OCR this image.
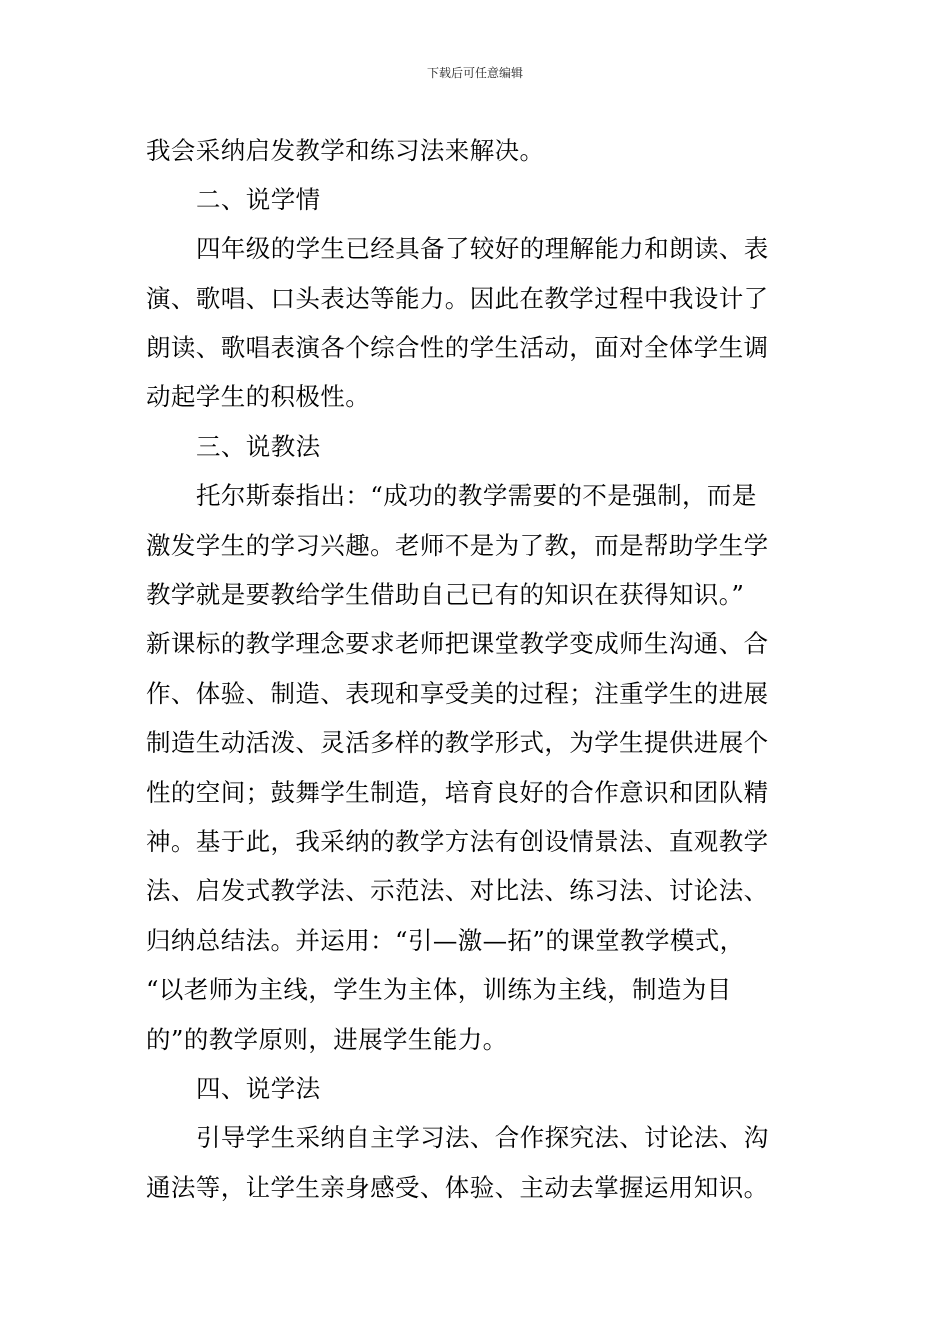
下载后可任意编辑
我会采纳启发教学和练习法来解决。
二、说学情
四年级的学生已经具备了较好的理解能力和朗读、表
演、歌唱、口头表达等能力。因此在教学过程中我设计了
朗读、歌唱表演各个综合性的学生活动，面对全体学生调
动起学生的积极性。
三、说教法
托尔斯泰指出：“成功的教学需要的不是强制，而是
激发学生的学习兴趣。老师不是为了教，而是帮助学生学
教学就是要教给学生借助自己已有的知识在获得知识。”
新课标的教学理念要求老师把课堂教学变成师生沟通、合
作、体验、制造、表现和享受美的过程；注重学生的进展
制造生动活泼、灵活多样的教学形式，为学生提供进展个
性的空间；鼓舞学生制造，培育良好的合作意识和团队精
神。基于此，我采纳的教学方法有创设情景法、直观教学
法、启发式教学法、示范法、对比法、练习法、讨论法、
归纳总结法。并运用：“引—激—拓”的课堂教学模式，
“以老师为主线，学生为主体，训练为主线，制造为目
的”的教学原则，进展学生能力。
四、说学法
引导学生采纳自主学习法、合作探究法、讨论法、沟
通法等，让学生亲身感受、体验、主动去掌握运用知识。
